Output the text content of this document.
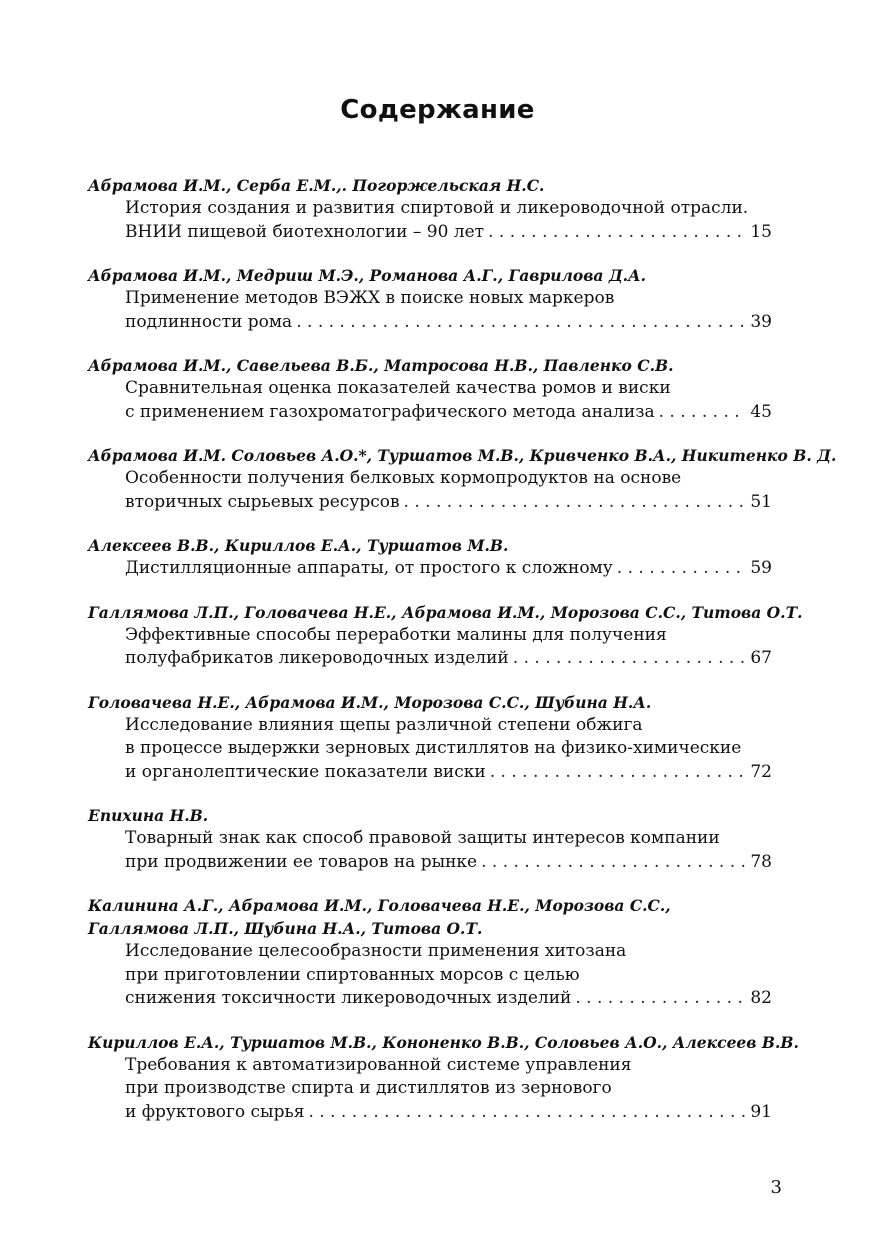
Содержание
Абрамова И.М., Серба Е.М.,. Погоржельская Н.С.
История создания и развития спиртовой и ликероводочной отрасли.
ВНИИ пищевой биотехнологии – 90 лет . . .	15
Абрамова И.М., Медриш М.Э., Романова А.Г., Гаврилова Д.А.
Применение методов ВЭЖХ в поиске новых маркеров
подлинности рома . . .	39
Абрамова И.М., Савельева В.Б., Матросова Н.В., Павленко С.В.
Сравнительная оценка показателей качества ромов и виски
с применением газохроматографического метода анализа . . .	45
Абрамова И.М. Соловьев А.О.*, Туршатов М.В., Кривченко В.А., Никитенко В. Д.
Особенности получения белковых кормопродуктов на основе
вторичных сырьевых ресурсов . . .	51
Алексеев В.В., Кириллов Е.А., Туршатов М.В.
Дистилляционные аппараты, от простого к сложному . . .	59
Галлямова Л.П., Головачева Н.Е., Абрамова И.М., Морозова С.С., Титова О.Т.
Эффективные способы переработки малины для получения
полуфабрикатов ликероводочных изделий . . .	67
Головачева Н.Е., Абрамова И.М., Морозова С.С., Шубина Н.А.
Исследование влияния щепы различной степени обжига
в процессе выдержки зерновых дистиллятов на физико-химические
и органолептические показатели виски . . .	72
Епихина Н.В.
Товарный знак как способ правовой защиты интересов компании
при продвижении ее товаров на рынке . . .	78
Калинина А.Г., Абрамова И.М., Головачева Н.Е., Морозова С.С.,
Галлямова Л.П., Шубина Н.А., Титова О.Т.
Исследование целесообразности применения хитозана
при приготовлении спиртованных морсов с целью
снижения токсичности ликероводочных изделий . . .	82
Кириллов Е.А., Туршатов М.В., Кононенко В.В., Соловьев А.О., Алексеев В.В.
Требования к автоматизированной системе управления
при производстве спирта и дистиллятов из зернового
и фруктового сырья . . .	91
3
